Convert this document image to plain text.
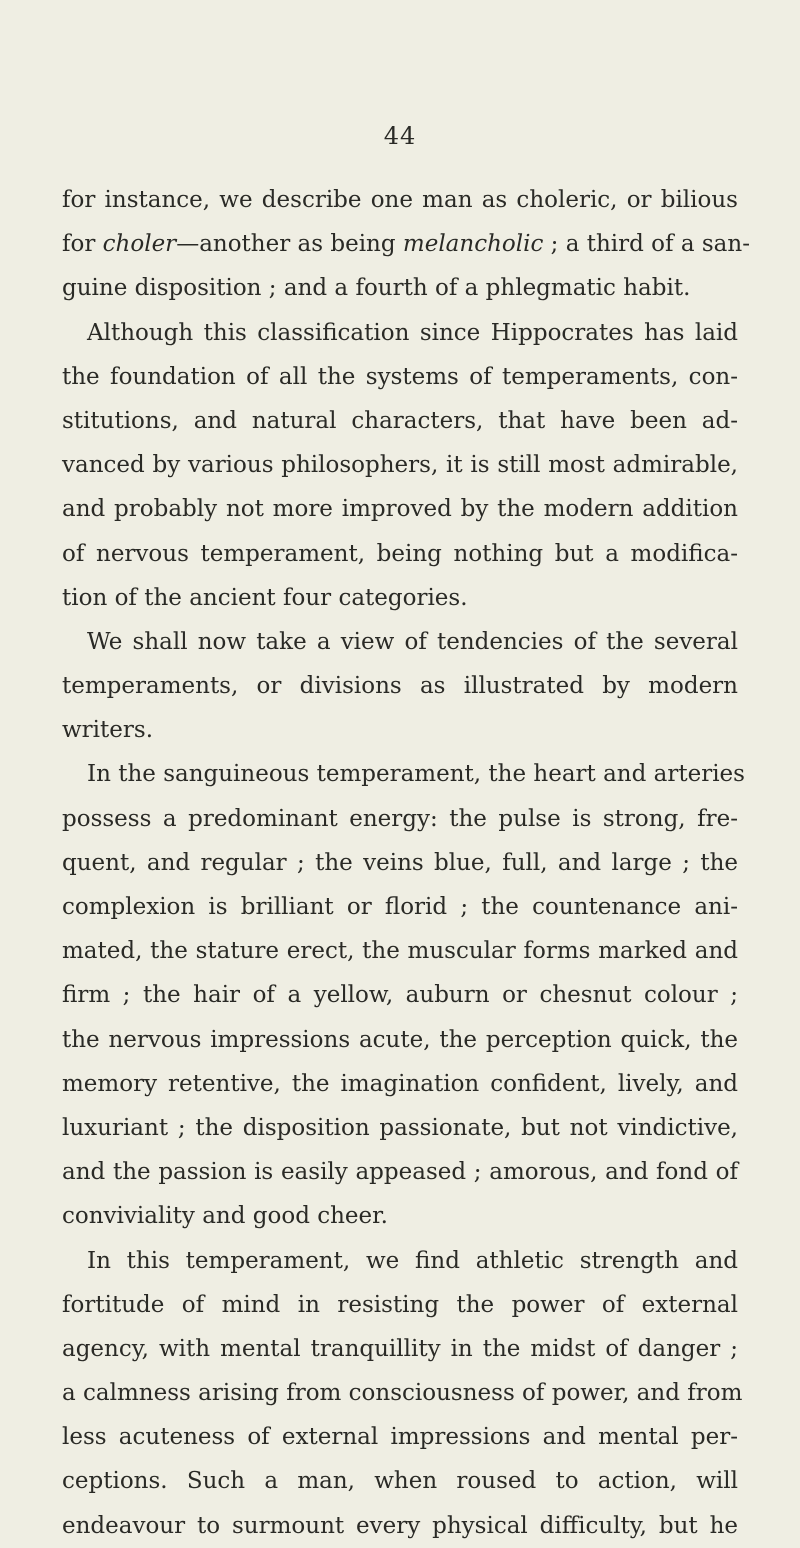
44
for instance, we describe one man as choleric, or bilious
for choler—another as being melancholic ; a third of a san-
guine disposition ; and a fourth of a phlegmatic habit.
Although this classification since Hippocrates has laid
the foundation of all the systems of temperaments, con-
stitutions, and natural characters, that have been ad-
vanced by various philosophers, it is still most admirable,
and probably not more improved by the modern addition
of nervous temperament, being nothing but a modifica-
tion of the ancient four categories.
We shall now take a view of tendencies of the several
temperaments, or divisions as illustrated by modern
writers.
In the sanguineous temperament, the heart and arteries
possess a predominant energy: the pulse is strong, fre-
quent, and regular ; the veins blue, full, and large ; the
complexion is brilliant or florid ; the countenance ani-
mated, the stature erect, the muscular forms marked and
firm ; the hair of a yellow, auburn or chesnut colour ;
the nervous impressions acute, the perception quick, the
memory retentive, the imagination confident, lively, and
luxuriant ; the disposition passionate, but not vindictive,
and the passion is easily appeased ; amorous, and fond of
conviviality and good cheer.
In this temperament, we find athletic strength and
fortitude of mind in resisting the power of external
agency, with mental tranquillity in the midst of danger ;
a calmness arising from consciousness of power, and from
less acuteness of external impressions and mental per-
ceptions. Such a man, when roused to action, will
endeavour to surmount every physical difficulty, but he
